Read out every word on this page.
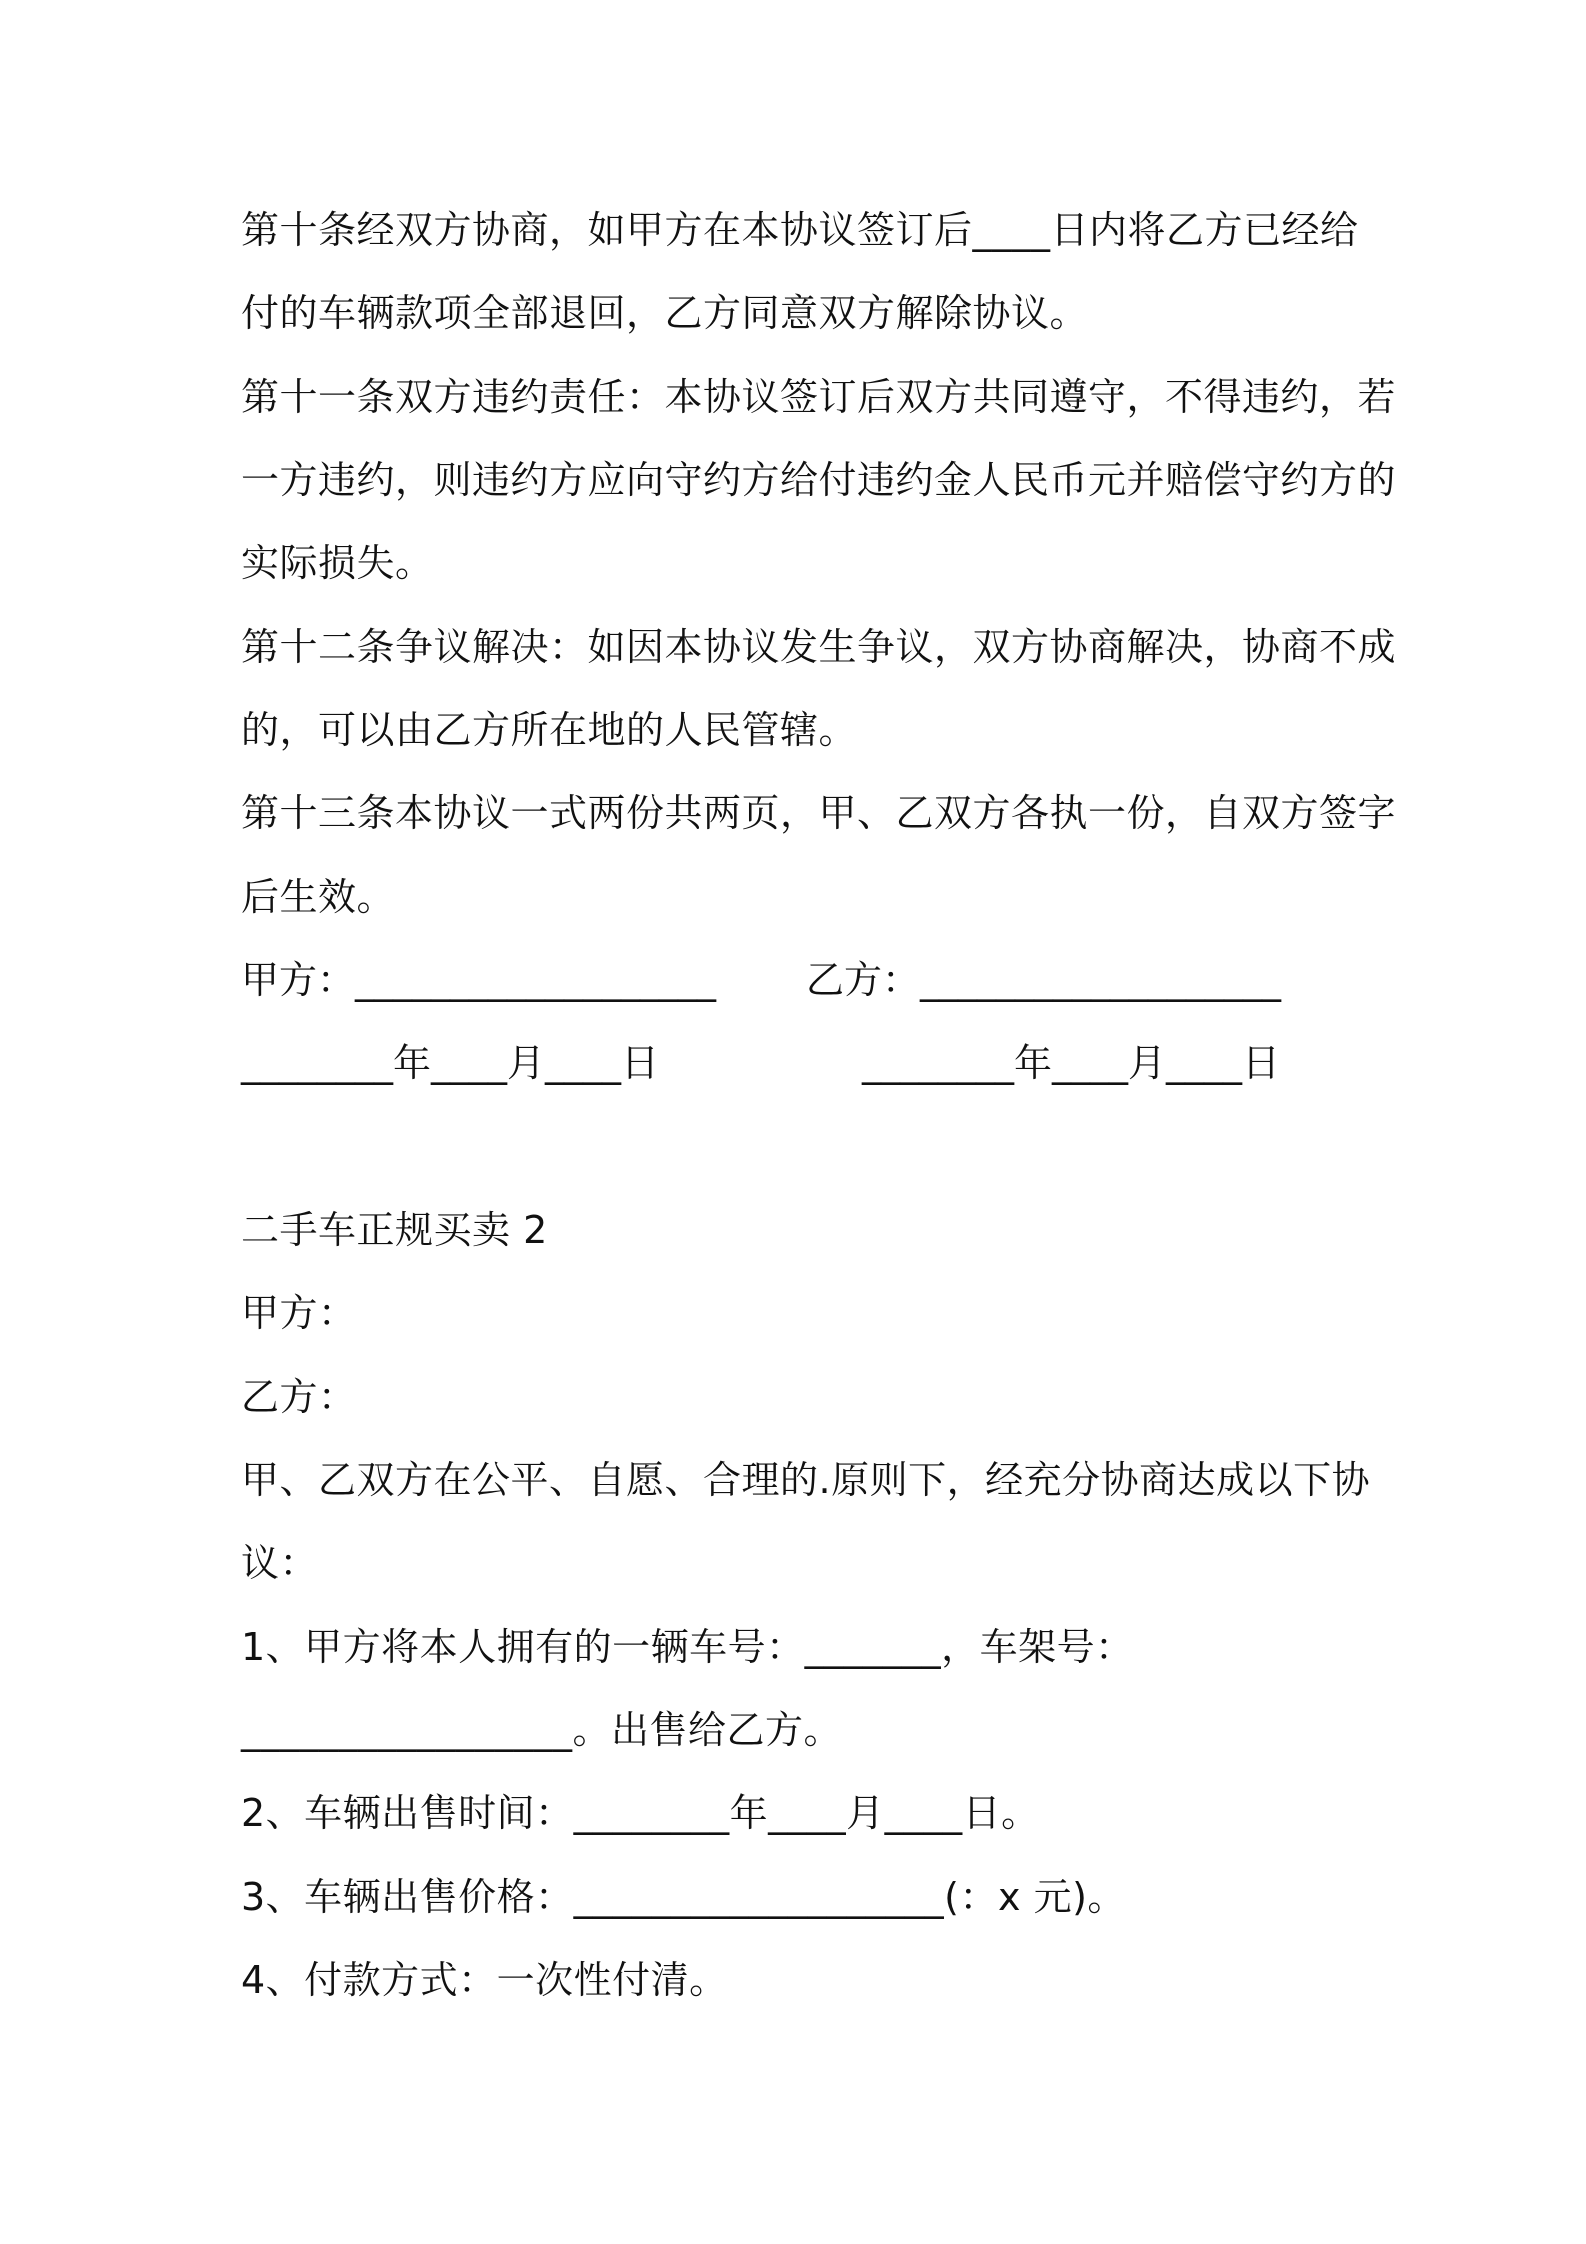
第十条经双方协商，如甲方在本协议签订后____日内将乙方已经给
付的车辆款项全部退回，乙方同意双方解除协议。
第十一条双方违约责任：本协议签订后双方共同遵守，不得违约，若
一方违约，则违约方应向守约方给付违约金人民币元并赔偿守约方的
实际损失。
第十二条争议解决：如因本协议发生争议，双方协商解决，协商不成
的，可以由乙方所在地的人民管辖。
第十三条本协议一式两份共两页，甲、乙双方各执一份，自双方签字
后生效。
甲方：___________________ 乙方：___________________
________年____月____日	________年____月____日
二手车正规买卖 2
甲方：
乙方：
甲、乙双方在公平、自愿、合理的.原则下，经充分协商达成以下协
议：
1、甲方将本人拥有的一辆车号：_______，车架号：
_________________。出售给乙方。
2、车辆出售时间：________年____月____日。
3、车辆出售价格：___________________(：x 元)。
4、付款方式：一次性付清。
